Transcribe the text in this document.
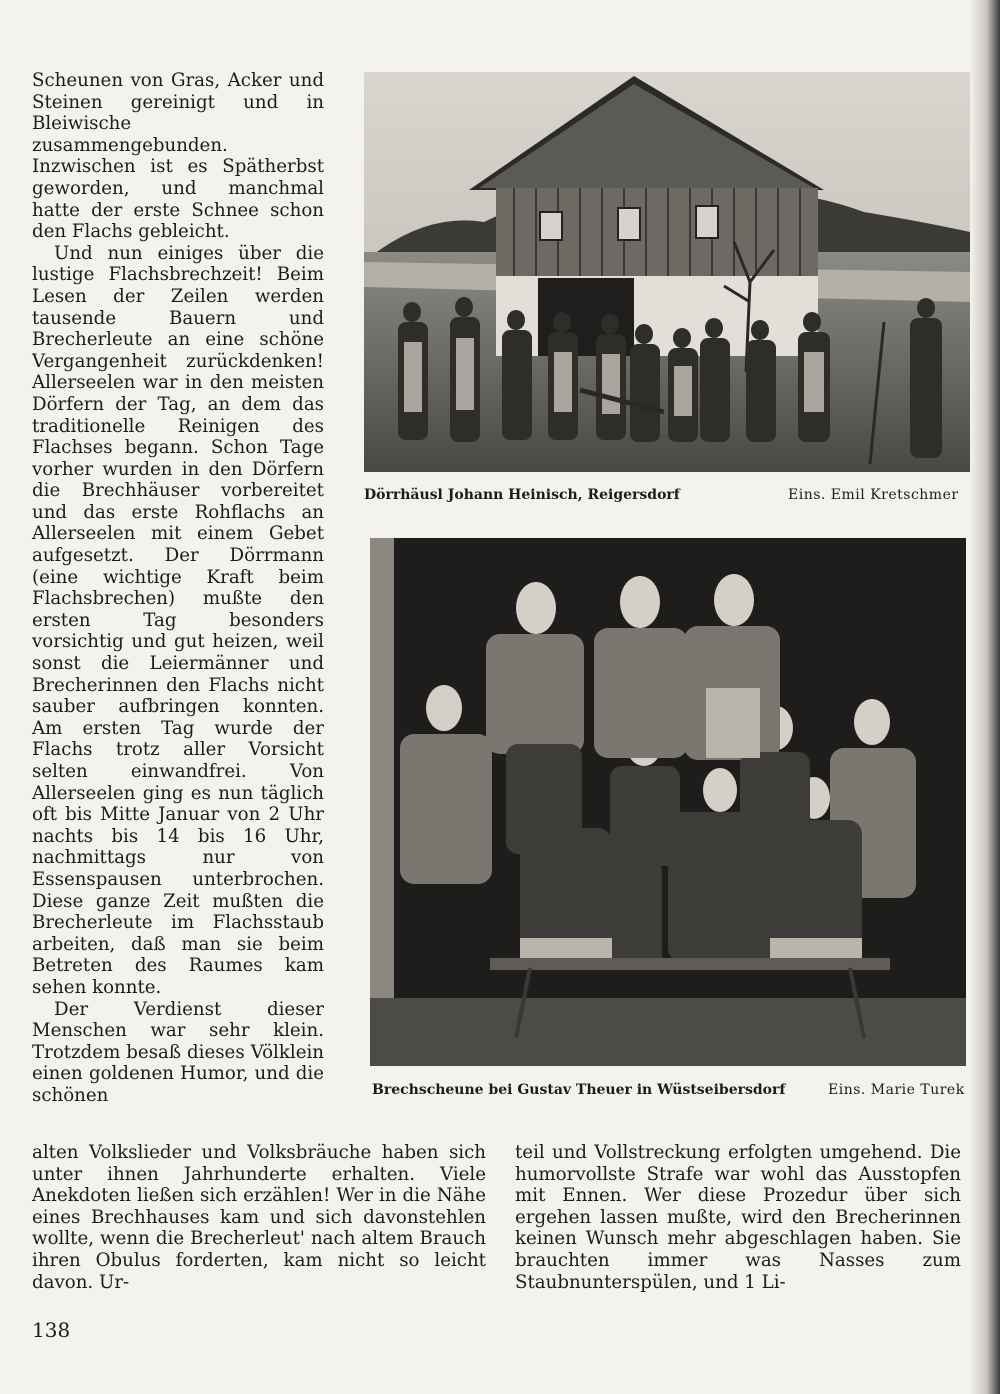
Scheunen von Gras, Acker und Steinen gereinigt und in Bleiwische zusammengebunden. Inzwischen ist es Spätherbst geworden, und manchmal hatte der erste Schnee schon den Flachs gebleicht.

Und nun einiges über die lustige Flachsbrechzeit! Beim Lesen der Zeilen werden tausende Bauern und Brecherleute an eine schöne Vergangenheit zurückdenken! Allerseelen war in den meisten Dörfern der Tag, an dem das traditionelle Reinigen des Flachses begann. Schon Tage vorher wurden in den Dörfern die Brechhäuser vorbereitet und das erste Rohflachs an Allerseelen mit einem Gebet aufgesetzt. Der Dörrmann (eine wichtige Kraft beim Flachsbrechen) mußte den ersten Tag besonders vorsichtig und gut heizen, weil sonst die Leiermänner und Brecherinnen den Flachs nicht sauber aufbringen konnten. Am ersten Tag wurde der Flachs trotz aller Vorsicht selten einwandfrei. Von Allerseelen ging es nun täglich oft bis Mitte Januar von 2 Uhr nachts bis 14 bis 16 Uhr, nachmittags nur von Essenspausen unterbrochen. Diese ganze Zeit mußten die Brecherleute im Flachsstaub arbeiten, daß man sie beim Betreten des Raumes kam sehen konnte.

Der Verdienst dieser Menschen war sehr klein. Trotzdem besaß dieses Völklein einen goldenen Humor, und die schönen

Dörrhäusl Johann Heinisch, Reigersdorf	Eins. Emil Kretschmer
Brechscheune bei Gustav Theuer in Wüstseibersdorf	Eins. Marie Turek

alten Volkslieder und Volksbräuche haben sich unter ihnen Jahrhunderte erhalten. Viele Anekdoten ließen sich erzählen! Wer in die Nähe eines Brechhauses kam und sich davonstehlen wollte, wenn die Brecherleut' nach altem Brauch ihren Obulus forderten, kam nicht so leicht davon. Ur-

teil und Vollstreckung erfolgten umgehend. Die humorvollste Strafe war wohl das Ausstopfen mit Ennen. Wer diese Prozedur über sich ergehen lassen mußte, wird den Brecherinnen keinen Wunsch mehr abgeschlagen haben. Sie brauchten immer was Nasses zum Staubnunterspülen, und 1 Li-

138
